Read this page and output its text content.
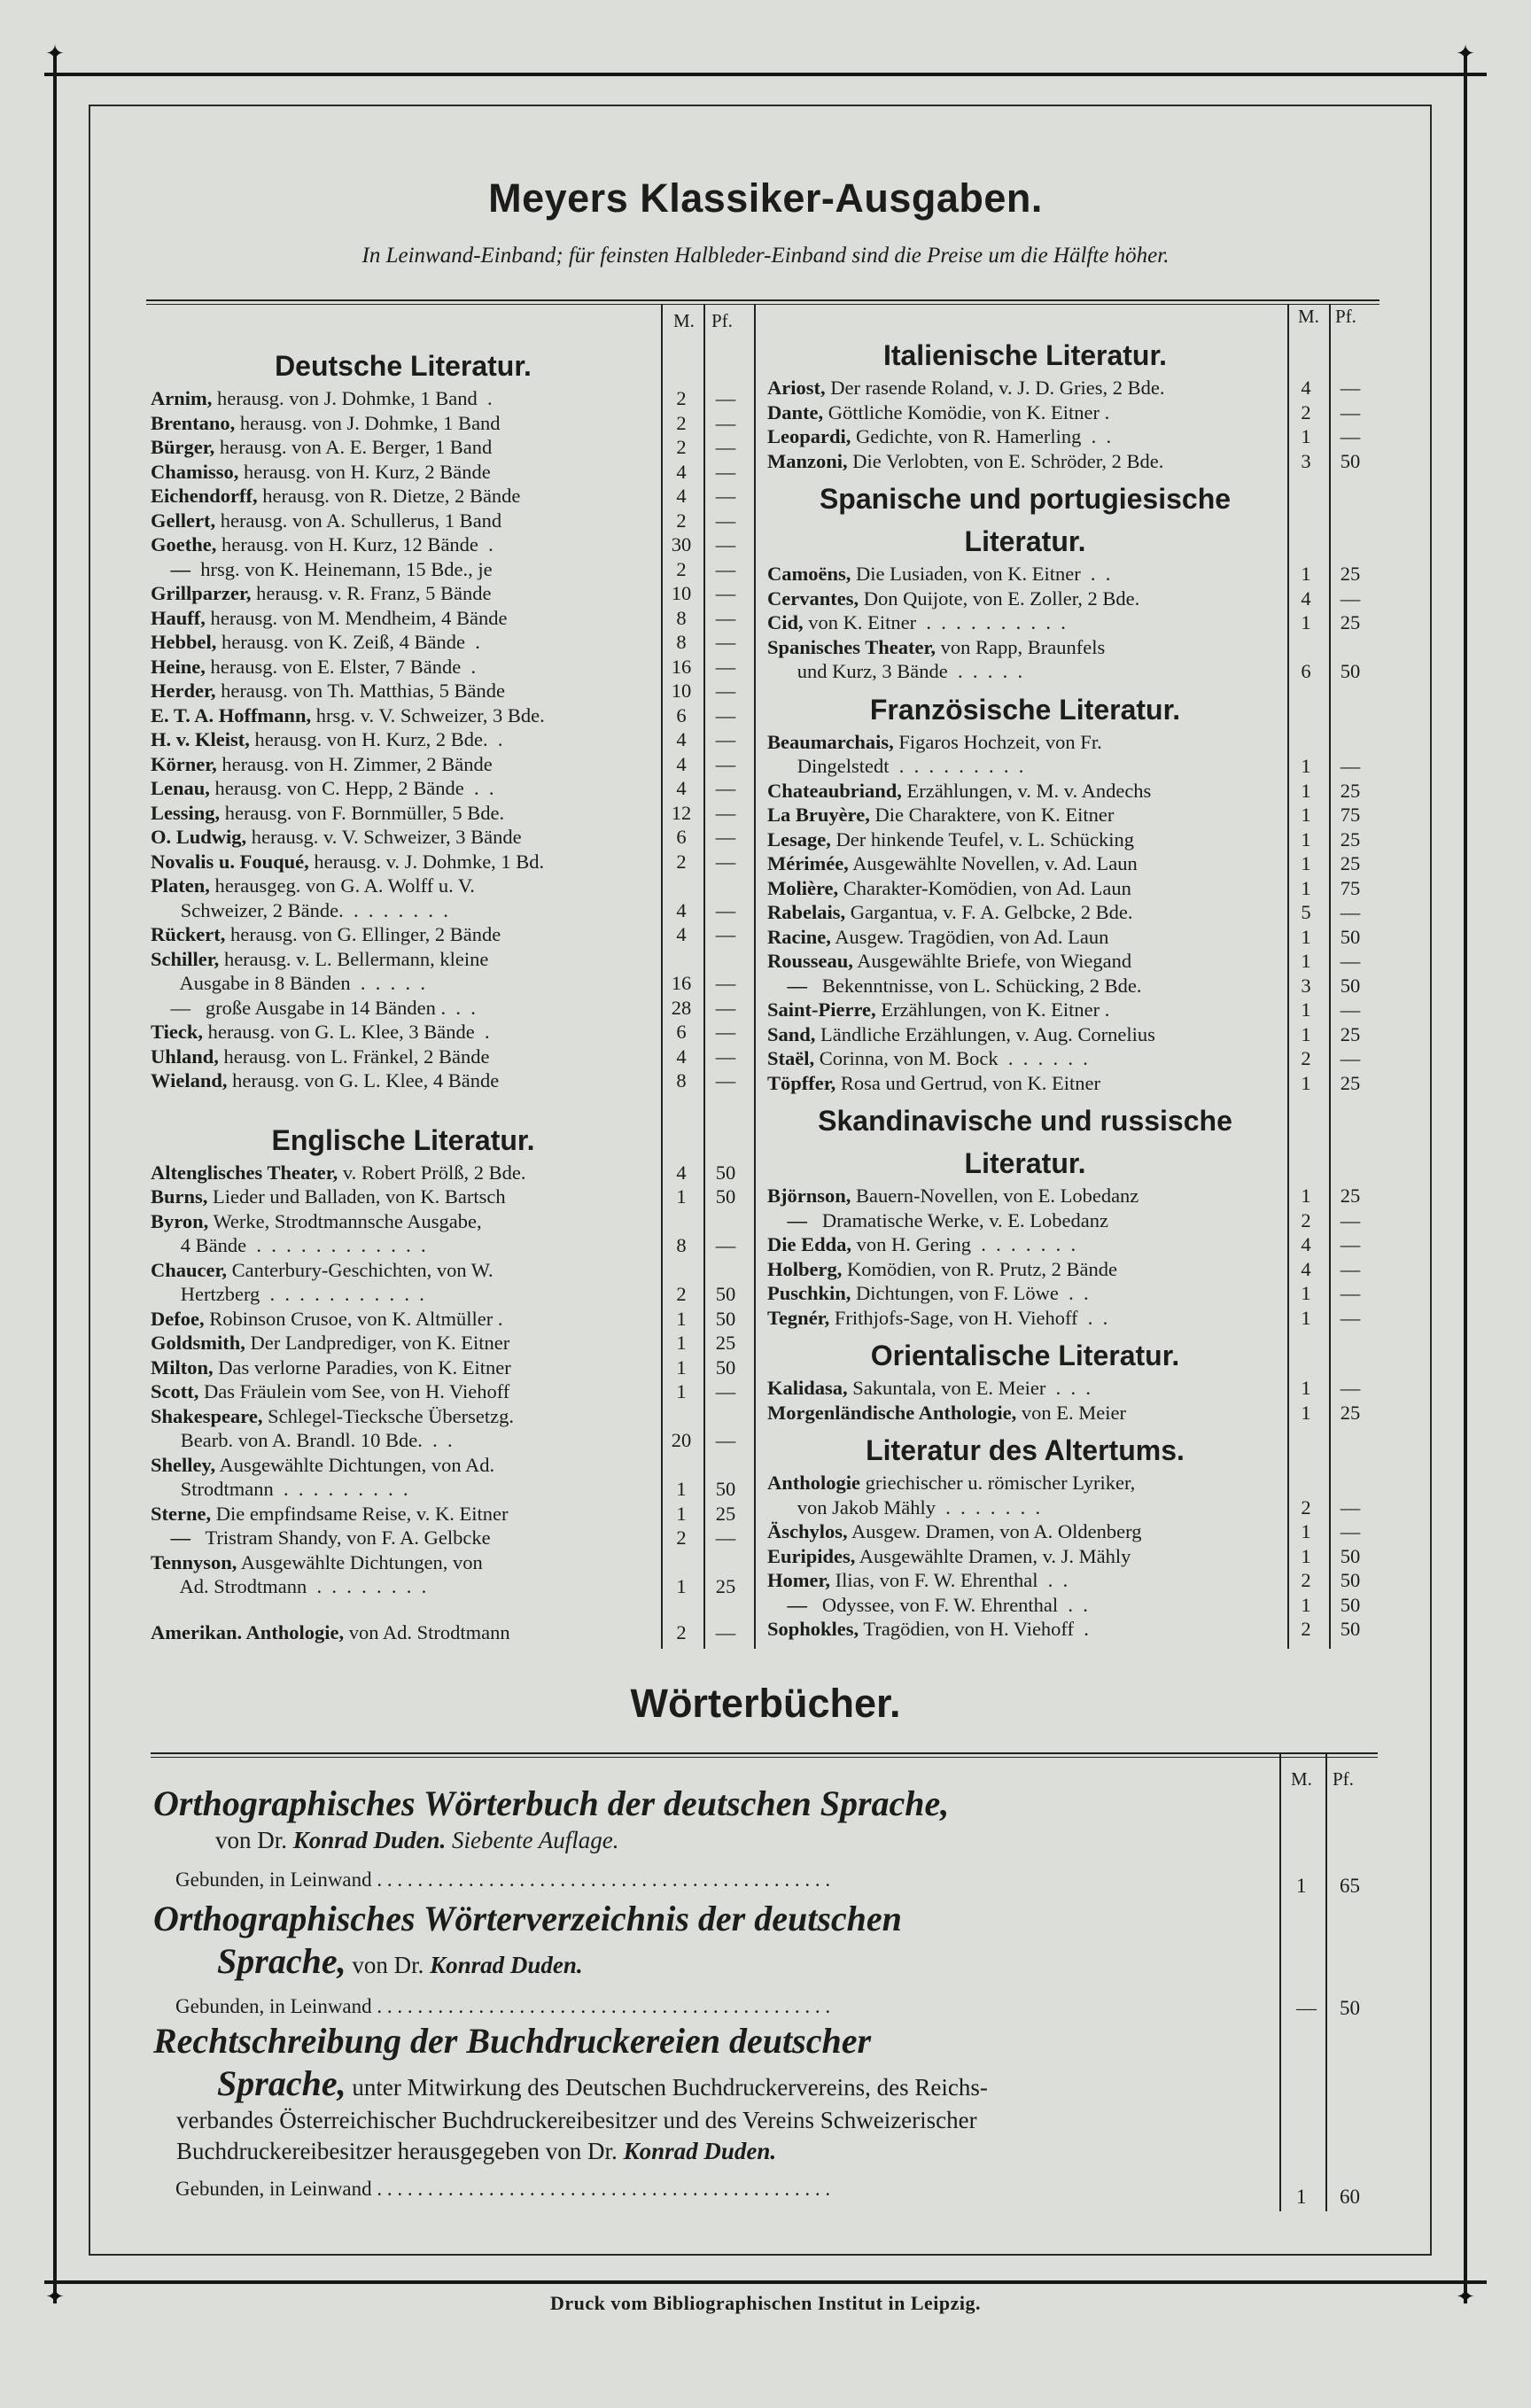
✦	✦
✦	✦
Meyers Klassiker-Ausgaben.
In Leinwand-Einband; für feinsten Halbleder-Einband sind die Preise um die Hälfte höher.
M. Pf.	M. Pf.
Deutsche Literatur.
Arnim, herausg. von J. Dohmke, 1 Band  .	2	—
Brentano, herausg. von J. Dohmke, 1 Band	2	—
Bürger, herausg. von A. E. Berger, 1 Band	2	—
Chamisso, herausg. von H. Kurz, 2 Bände	4	—
Eichendorff, herausg. von R. Dietze, 2 Bände	4	—
Gellert, herausg. von A. Schullerus, 1 Band	2	—
Goethe, herausg. von H. Kurz, 12 Bände  .	30	—
—  hrsg. von K. Heinemann, 15 Bde., je	2	—
Grillparzer, herausg. v. R. Franz, 5 Bände	10	—
Hauff, herausg. von M. Mendheim, 4 Bände	8	—
Hebbel, herausg. von K. Zeiß, 4 Bände  .	8	—
Heine, herausg. von E. Elster, 7 Bände  .	16	—
Herder, herausg. von Th. Matthias, 5 Bände	10	—
E. T. A. Hoffmann, hrsg. v. V. Schweizer, 3 Bde.	6	—
H. v. Kleist, herausg. von H. Kurz, 2 Bde.  .	4	—
Körner, herausg. von H. Zimmer, 2 Bände	4	—
Lenau, herausg. von C. Hepp, 2 Bände  .  .	4	—
Lessing, herausg. von F. Bornmüller, 5 Bde.	12	—
O. Ludwig, herausg. v. V. Schweizer, 3 Bände	6	—
Novalis u. Fouqué, herausg. v. J. Dohmke, 1 Bd.	2	—
Platen, herausgeg. von G. A. Wolff u. V.
Schweizer, 2 Bände.  .  .  .  .  .  .  .	4	—
Rückert, herausg. von G. Ellinger, 2 Bände	4	—
Schiller, herausg. v. L. Bellermann, kleine
Ausgabe in 8 Bänden  .  .  .  .  .	16	—
—   große Ausgabe in 14 Bänden .  .  .	28	—
Tieck, herausg. von G. L. Klee, 3 Bände  .	6	—
Uhland, herausg. von L. Fränkel, 2 Bände	4	—
Wieland, herausg. von G. L. Klee, 4 Bände	8	—
Englische Literatur.
Altenglisches Theater, v. Robert Prölß, 2 Bde.	4	50
Burns, Lieder und Balladen, von K. Bartsch	1	50
Byron, Werke, Strodtmannsche Ausgabe,
4 Bände  .  .  .  .  .  .  .  .  .  .  .  .	8	—
Chaucer, Canterbury-Geschichten, von W.
Hertzberg  .  .  .  .  .  .  .  .  .  .  .	2	50
Defoe, Robinson Crusoe, von K. Altmüller .	1	50
Goldsmith, Der Landprediger, von K. Eitner	1	25
Milton, Das verlorne Paradies, von K. Eitner	1	50
Scott, Das Fräulein vom See, von H. Viehoff	1	—
Shakespeare, Schlegel-Tiecksche Übersetzg.
Bearb. von A. Brandl. 10 Bde.  .  .	20	—
Shelley, Ausgewählte Dichtungen, von Ad.
Strodtmann  .  .  .  .  .  .  .  .  .	1	50
Sterne, Die empfindsame Reise, v. K. Eitner	1	25
—   Tristram Shandy, von F. A. Gelbcke	2	—
Tennyson, Ausgewählte Dichtungen, von
Ad. Strodtmann  .  .  .  .  .  .  .  .	1	25
Amerikan. Anthologie, von Ad. Strodtmann	2	—
Italienische Literatur.
Ariost, Der rasende Roland, v. J. D. Gries, 2 Bde.	4	—
Dante, Göttliche Komödie, von K. Eitner .	2	—
Leopardi, Gedichte, von R. Hamerling  .  .	1	—
Manzoni, Die Verlobten, von E. Schröder, 2 Bde.	3	50
Spanische und portugiesische
Literatur.
Camoëns, Die Lusiaden, von K. Eitner  .  .	1	25
Cervantes, Don Quijote, von E. Zoller, 2 Bde.	4	—
Cid, von K. Eitner  .  .  .  .  .  .  .  .  .  .	1	25
Spanisches Theater, von Rapp, Braunfels
und Kurz, 3 Bände  .  .  .  .  .	6	50
Französische Literatur.
Beaumarchais, Figaros Hochzeit, von Fr.
Dingelstedt  .  .  .  .  .  .  .  .  .	1	—
Chateaubriand, Erzählungen, v. M. v. Andechs	1	25
La Bruyère, Die Charaktere, von K. Eitner	1	75
Lesage, Der hinkende Teufel, v. L. Schücking	1	25
Mérimée, Ausgewählte Novellen, v. Ad. Laun	1	25
Molière, Charakter-Komödien, von Ad. Laun	1	75
Rabelais, Gargantua, v. F. A. Gelbcke, 2 Bde.	5	—
Racine, Ausgew. Tragödien, von Ad. Laun	1	50
Rousseau, Ausgewählte Briefe, von Wiegand	1	—
—   Bekenntnisse, von L. Schücking, 2 Bde.	3	50
Saint-Pierre, Erzählungen, von K. Eitner .	1	—
Sand, Ländliche Erzählungen, v. Aug. Cornelius	1	25
Staël, Corinna, von M. Bock  .  .  .  .  .  .	2	—
Töpffer, Rosa und Gertrud, von K. Eitner	1	25
Skandinavische und russische
Literatur.
Björnson, Bauern-Novellen, von E. Lobedanz	1	25
—   Dramatische Werke, v. E. Lobedanz	2	—
Die Edda, von H. Gering  .  .  .  .  .  .  .	4	—
Holberg, Komödien, von R. Prutz, 2 Bände	4	—
Puschkin, Dichtungen, von F. Löwe  .  .	1	—
Tegnér, Frithjofs-Sage, von H. Viehoff  .  .	1	—
Orientalische Literatur.
Kalidasa, Sakuntala, von E. Meier  .  .  .	1	—
Morgenländische Anthologie, von E. Meier	1	25
Literatur des Altertums.
Anthologie griechischer u. römischer Lyriker,
von Jakob Mähly  .  .  .  .  .  .  .	2	—
Äschylos, Ausgew. Dramen, von A. Oldenberg	1	—
Euripides, Ausgewählte Dramen, v. J. Mähly	1	50
Homer, Ilias, von F. W. Ehrenthal  .  .	2	50
—   Odyssee, von F. W. Ehrenthal  .  .	1	50
Sophokles, Tragödien, von H. Viehoff  .	2	50
Wörterbücher.
M. Pf.
Orthographisches Wörterbuch der deutschen Sprache,
von Dr. Konrad Duden. Siebente Auflage.
Gebunden, in Leinwand . . . . . . . . . . . . . . . . . . . . . . . . . . . . . . . . . . . . . . . . . . . . .	1 65
Orthographisches Wörterverzeichnis der deutschen
Sprache, von Dr. Konrad Duden.
Gebunden, in Leinwand . . . . . . . . . . . . . . . . . . . . . . . . . . . . . . . . . . . . . . . . . . . . .	— 50
Rechtschreibung der Buchdruckereien deutscher
Sprache, unter Mitwirkung des Deutschen Buchdruckervereins, des Reichs-
verbandes Österreichischer Buchdruckereibesitzer und des Vereins Schweizerischer
Buchdruckereibesitzer herausgegeben von Dr. Konrad Duden.
Gebunden, in Leinwand . . . . . . . . . . . . . . . . . . . . . . . . . . . . . . . . . . . . . . . . . . . . .	1 60
Druck vom Bibliographischen Institut in Leipzig.
